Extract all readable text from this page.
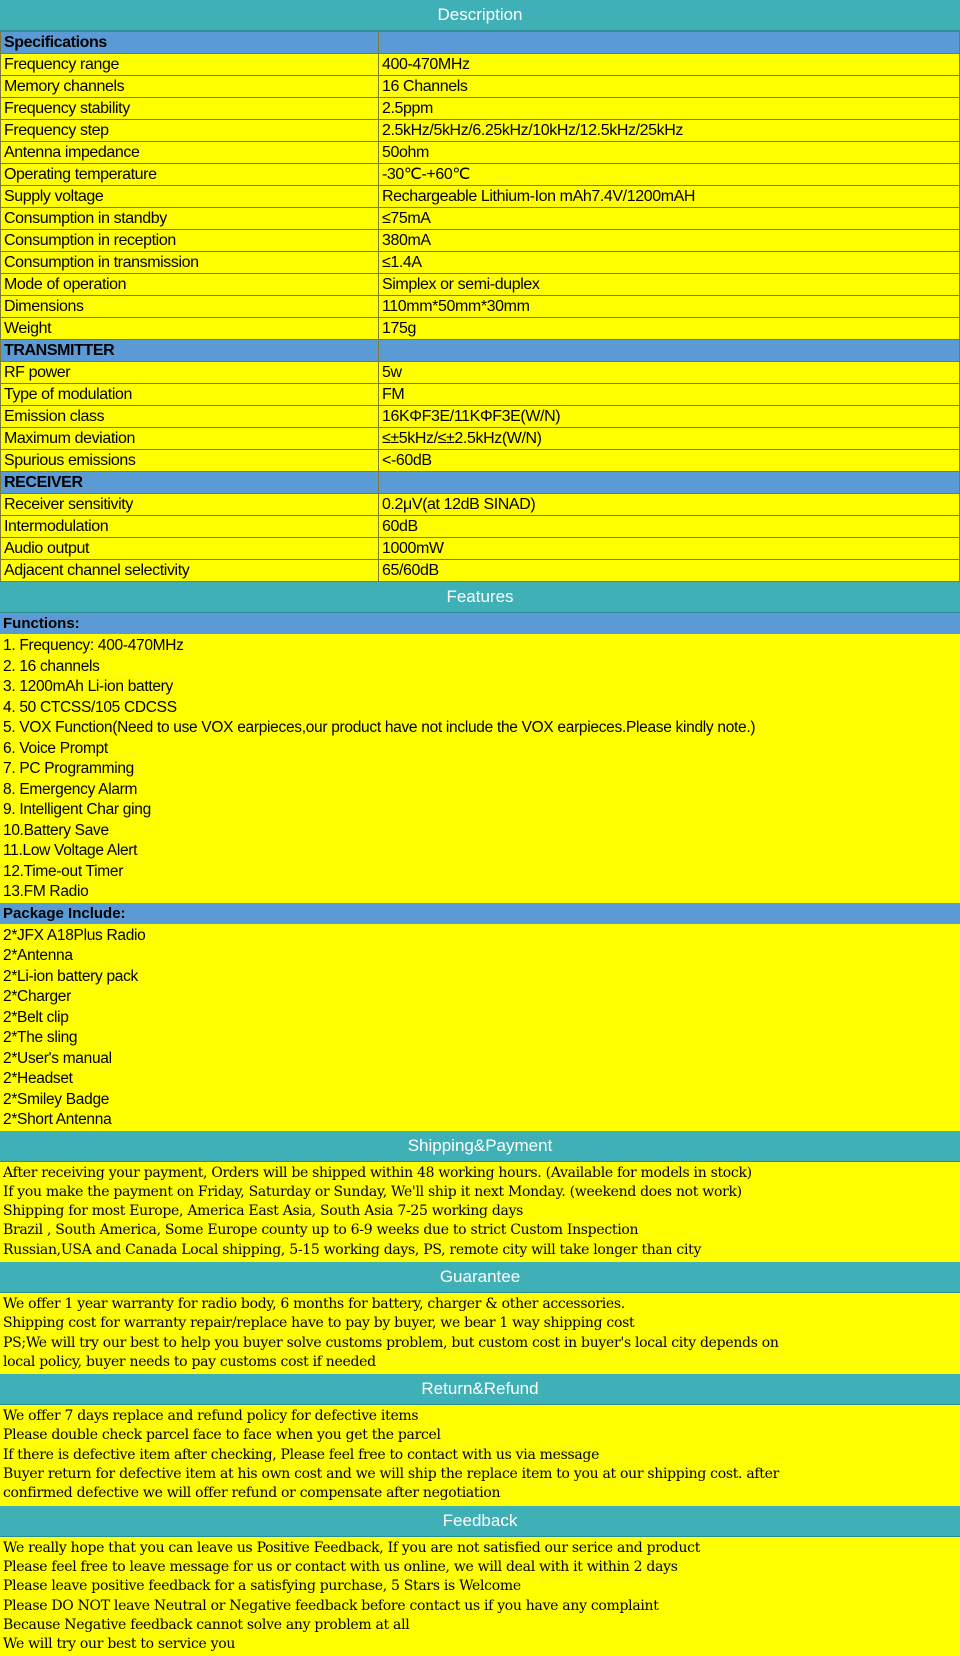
Description
Specifications	
Frequency range	400-470MHz
Memory channels	16 Channels
Frequency stability	2.5ppm
Frequency step	2.5kHz/5kHz/6.25kHz/10kHz/12.5kHz/25kHz
Antenna impedance	50ohm
Operating temperature	-30℃-+60℃
Supply voltage	Rechargeable Lithium-Ion mAh7.4V/1200mAH
Consumption in standby	≤75mA
Consumption in reception	380mA
Consumption in transmission	≤1.4A
Mode of operation	Simplex or semi-duplex
Dimensions	110mm*50mm*30mm
Weight	175g
TRANSMITTER	
RF power	5w
Type of modulation	FM
Emission class	16KΦF3E/11KΦF3E(W/N)
Maximum deviation	≤±5kHz/≤±2.5kHz(W/N)
Spurious emissions	<-60dB
RECEIVER	
Receiver sensitivity	0.2μV(at 12dB SINAD)
Intermodulation	60dB
Audio output	1000mW
Adjacent channel selectivity	65/60dB
Features
Functions:
1. Frequency: 400-470MHz
2. 16 channels
3. 1200mAh Li-ion battery
4. 50 CTCSS/105 CDCSS
5. VOX Function(Need to use VOX earpieces,our product have not include the VOX earpieces.Please kindly note.)
6. Voice Prompt
7. PC Programming
8. Emergency Alarm
9. Intelligent Char ging
10.Battery Save
11.Low Voltage Alert
12.Time-out Timer
13.FM Radio
Package Include:
2*JFX A18Plus Radio
2*Antenna
2*Li-ion battery pack
2*Charger
2*Belt clip
2*The sling
2*User's manual
2*Headset
2*Smiley Badge
2*Short Antenna
Shipping&Payment
After receiving your payment, Orders will be shipped within 48 working hours. (Available for models in stock)
If you make the payment on Friday, Saturday or Sunday, We'll ship it next Monday. (weekend does not work)
Shipping for most Europe, America East Asia, South Asia 7-25 working days
Brazil , South America, Some Europe county up to 6-9 weeks due to strict Custom Inspection
Russian,USA and Canada Local shipping, 5-15 working days, PS, remote city will take longer than city
Guarantee
We offer 1 year warranty for radio body, 6 months for battery, charger & other accessories.
Shipping cost for warranty repair/replace have to pay by buyer, we bear 1 way shipping cost
PS;We will try our best to help you buyer solve customs problem, but custom cost in buyer's local city depends on
local policy, buyer needs to pay customs cost if needed
Return&Refund
We offer 7 days replace and refund policy for defective items
Please double check parcel face to face when you get the parcel
If there is defective item after checking, Please feel free to contact with us via message
Buyer return for defective item at his own cost and we will ship the replace item to you at our shipping cost. after
confirmed defective we will offer refund or compensate after negotiation
Feedback
We really hope that you can leave us Positive Feedback, If you are not satisfied our serice and product
Please feel free to leave message for us or contact with us online, we will deal with it within 2 days
Please leave positive feedback for a satisfying purchase, 5 Stars is Welcome
Please DO NOT leave Neutral or Negative feedback before contact us if you have any complaint
Because Negative feedback cannot solve any problem at all
We will try our best to service you
